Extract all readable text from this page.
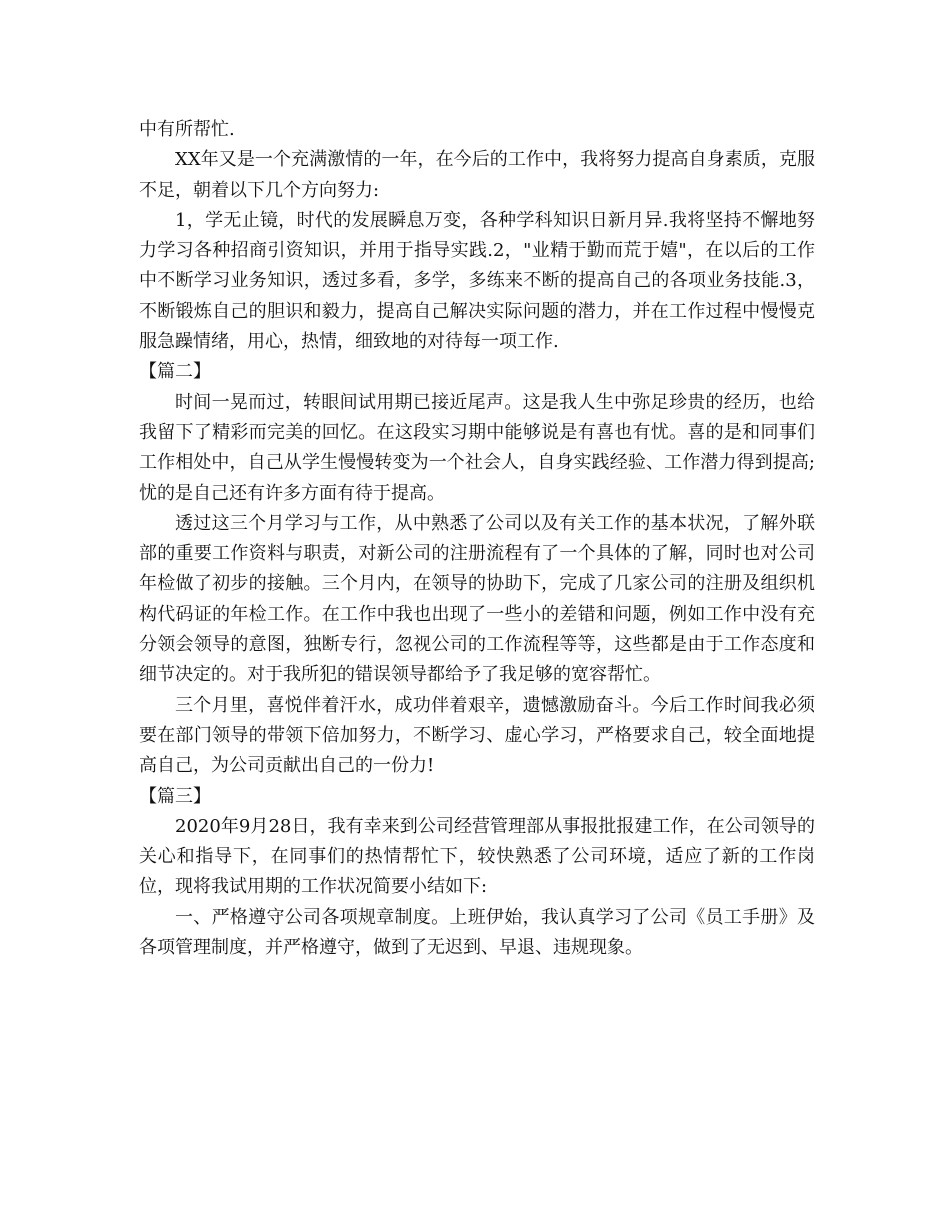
中有所帮忙.

XX年又是一个充满激情的一年，在今后的工作中，我将努力提高自身素质，克服不足，朝着以下几个方向努力:

1，学无止镜，时代的发展瞬息万变，各种学科知识日新月异.我将坚持不懈地努力学习各种招商引资知识，并用于指导实践.2，"业精于勤而荒于嬉"，在以后的工作中不断学习业务知识，透过多看，多学，多练来不断的提高自己的各项业务技能.3，不断锻炼自己的胆识和毅力，提高自己解决实际问题的潜力，并在工作过程中慢慢克服急躁情绪，用心，热情，细致地的对待每一项工作.

【篇二】

时间一晃而过，转眼间试用期已接近尾声。这是我人生中弥足珍贵的经历，也给我留下了精彩而完美的回忆。在这段实习期中能够说是有喜也有忧。喜的是和同事们工作相处中，自己从学生慢慢转变为一个社会人，自身实践经验、工作潜力得到提高;忧的是自己还有许多方面有待于提高。

透过这三个月学习与工作，从中熟悉了公司以及有关工作的基本状况，了解外联部的重要工作资料与职责，对新公司的注册流程有了一个具体的了解，同时也对公司年检做了初步的接触。三个月内，在领导的协助下，完成了几家公司的注册及组织机构代码证的年检工作。在工作中我也出现了一些小的差错和问题，例如工作中没有充分领会领导的意图，独断专行，忽视公司的工作流程等等，这些都是由于工作态度和细节决定的。对于我所犯的错误领导都给予了我足够的宽容帮忙。

三个月里，喜悦伴着汗水，成功伴着艰辛，遗憾激励奋斗。今后工作时间我必须要在部门领导的带领下倍加努力，不断学习、虚心学习，严格要求自己，较全面地提高自己，为公司贡献出自己的一份力!

【篇三】

2020年9月28日，我有幸来到公司经营管理部从事报批报建工作，在公司领导的关心和指导下，在同事们的热情帮忙下，较快熟悉了公司环境，适应了新的工作岗位，现将我试用期的工作状况简要小结如下:

一、严格遵守公司各项规章制度。上班伊始，我认真学习了公司《员工手册》及各项管理制度，并严格遵守，做到了无迟到、早退、违规现象。
